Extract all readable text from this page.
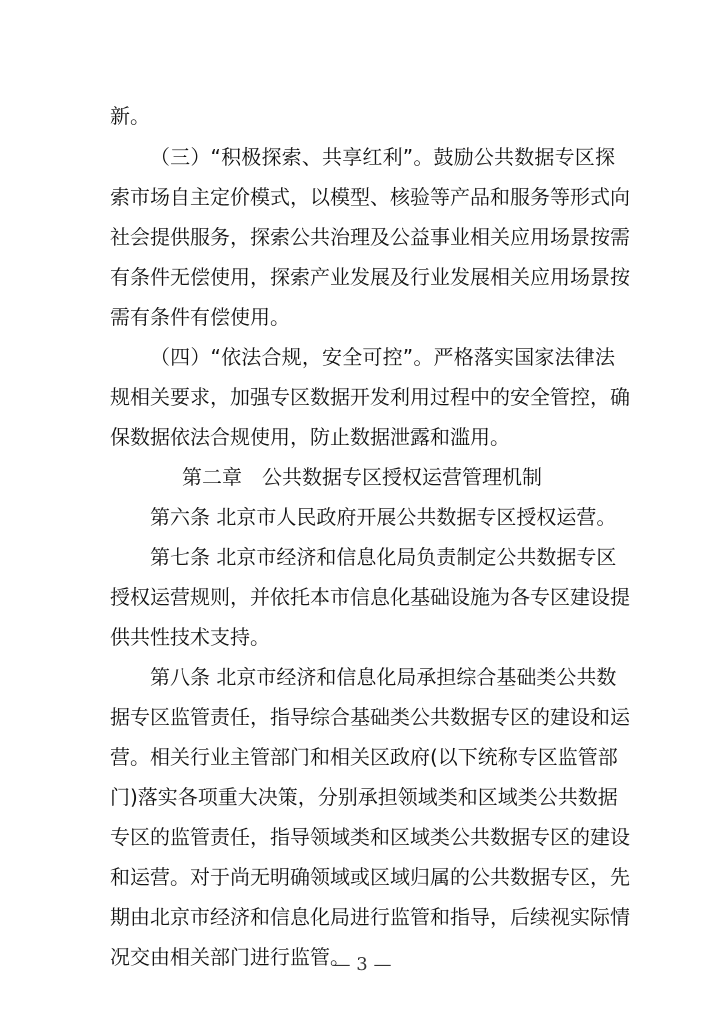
新。
（三）“积极探索、共享红利”。鼓励公共数据专区探
索市场自主定价模式，以模型、核验等产品和服务等形式向
社会提供服务，探索公共治理及公益事业相关应用场景按需
有条件无偿使用，探索产业发展及行业发展相关应用场景按
需有条件有偿使用。
（四）“依法合规，安全可控”。严格落实国家法律法
规相关要求，加强专区数据开发利用过程中的安全管控，确
保数据依法合规使用，防止数据泄露和滥用。
第二章　公共数据专区授权运营管理机制
第六条 北京市人民政府开展公共数据专区授权运营。
第七条 北京市经济和信息化局负责制定公共数据专区
授权运营规则，并依托本市信息化基础设施为各专区建设提
供共性技术支持。
第八条 北京市经济和信息化局承担综合基础类公共数
据专区监管责任，指导综合基础类公共数据专区的建设和运
营。相关行业主管部门和相关区政府(以下统称专区监管部
门)落实各项重大决策，分别承担领域类和区域类公共数据
专区的监管责任，指导领域类和区域类公共数据专区的建设
和运营。对于尚无明确领域或区域归属的公共数据专区，先
期由北京市经济和信息化局进行监管和指导，后续视实际情
况交由相关部门进行监管。
— 3 —
